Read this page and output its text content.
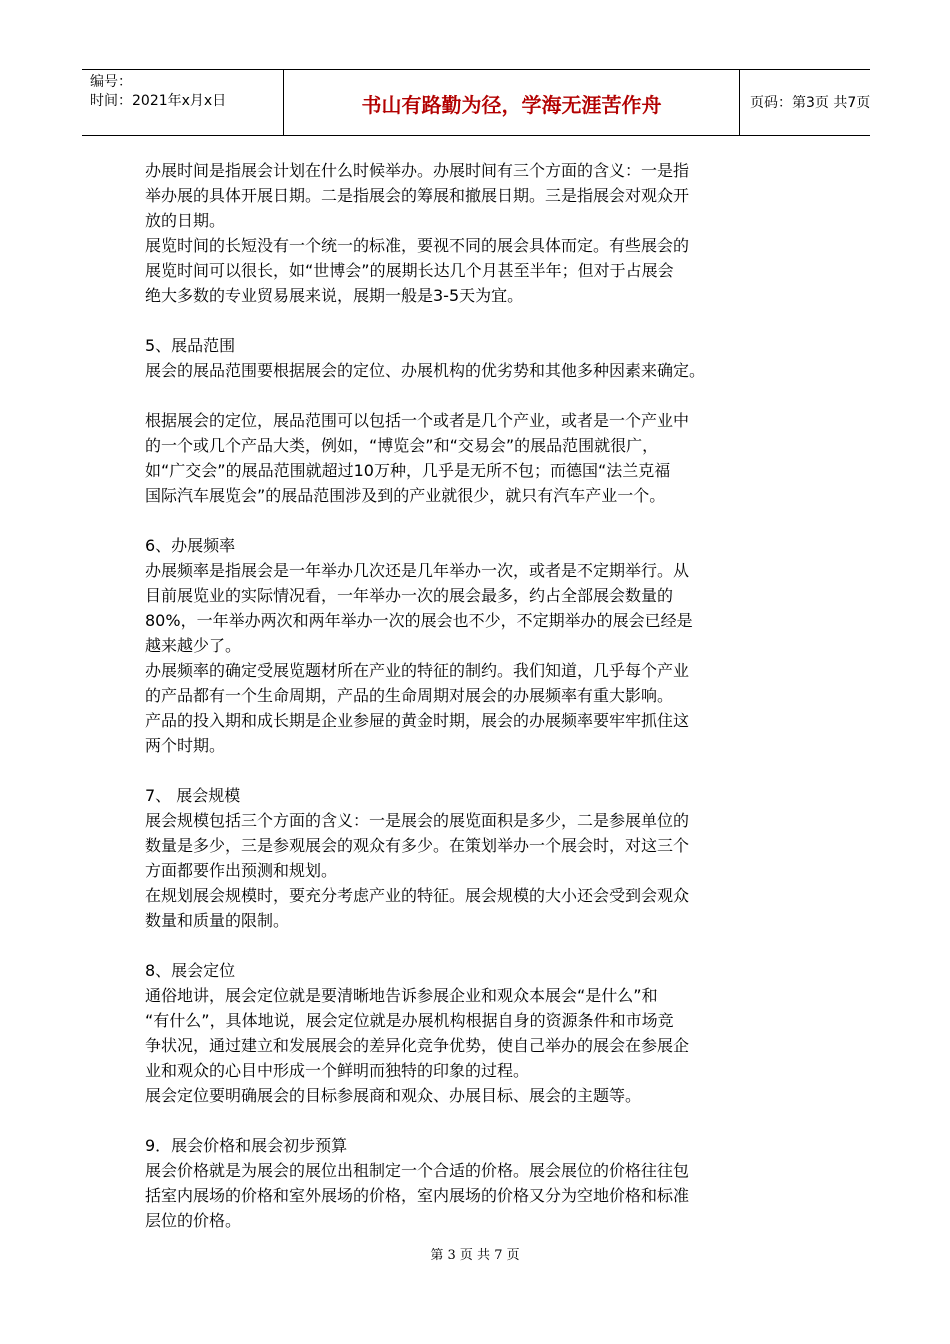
编号：
时间：2021年x月x日	书山有路勤为径，学海无涯苦作舟	页码：第3页 共7页
办展时间是指展会计划在什么时候举办。办展时间有三个方面的含义：一是指
举办展的具体开展日期。二是指展会的筹展和撤展日期。三是指展会对观众开
放的日期。
展览时间的长短没有一个统一的标准，要视不同的展会具体而定。有些展会的
展览时间可以很长，如“世博会”的展期长达几个月甚至半年；但对于占展会
绝大多数的专业贸易展来说，展期一般是3-5天为宜。
5、展品范围
展会的展品范围要根据展会的定位、办展机构的优劣势和其他多种因素来确定。
根据展会的定位，展品范围可以包括一个或者是几个产业，或者是一个产业中
的一个或几个产品大类，例如，“博览会”和“交易会”的展品范围就很广，
如“广交会”的展品范围就超过10万种，几乎是无所不包；而德国“法兰克福
国际汽车展览会”的展品范围涉及到的产业就很少，就只有汽车产业一个。
6、办展频率
办展频率是指展会是一年举办几次还是几年举办一次，或者是不定期举行。从
目前展览业的实际情况看，一年举办一次的展会最多，约占全部展会数量的
80%，一年举办两次和两年举办一次的展会也不少，不定期举办的展会已经是
越来越少了。
办展频率的确定受展览题材所在产业的特征的制约。我们知道，几乎每个产业
的产品都有一个生命周期，产品的生命周期对展会的办展频率有重大影响。
产品的投入期和成长期是企业参屉的黄金时期，展会的办展频率要牢牢抓住这
两个时期。
7、 展会规模
展会规模包括三个方面的含义：一是展会的展览面积是多少，二是参展单位的
数量是多少，三是参观展会的观众有多少。在策划举办一个展会时，对这三个
方面都要作出预测和规划。
在规划展会规模时，要充分考虑产业的特征。展会规模的大小还会受到会观众
数量和质量的限制。
8、展会定位
通俗地讲，展会定位就是要清晰地告诉参展企业和观众本展会“是什么”和
“有什么”，具体地说，展会定位就是办展机构根据自身的资源条件和市场竞
争状况，通过建立和发展展会的差异化竞争优势，使自己举办的展会在参展企
业和观众的心目中形成一个鲜明而独特的印象的过程。
展会定位要明确展会的目标参展商和观众、办展目标、展会的主题等。
9．展会价格和展会初步预算
展会价格就是为展会的展位出租制定一个合适的价格。展会展位的价格往往包
括室内展场的价格和室外展场的价格，室内展场的价格又分为空地价格和标准
层位的价格。
第 3 页 共 7 页
